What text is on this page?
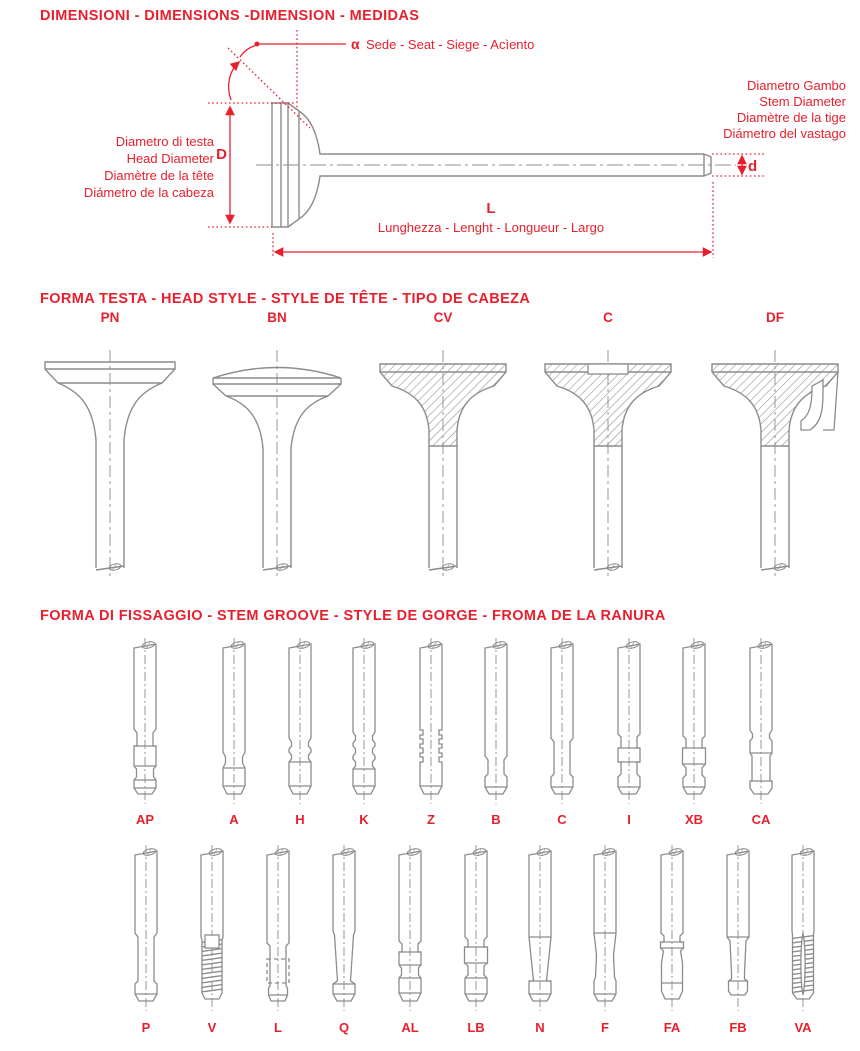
DIMENSIONI - DIMENSIONS -DIMENSION - MEDIDAS
FORMA TESTA - HEAD STYLE - STYLE DE TÊTE - TIPO DE CABEZA
FORMA DI FISSAGGIO - STEM GROOVE - STYLE DE GORGE - FROMA DE LA RANURA
α Sede - Seat - Siege - Acìento
Diametro Gambo
Stem Diameter
Diamètre de la tige
Diámetro del vastago
Diametro di testa
Head Diameter
Diamètre de la tête
Diámetro de la cabeza
D
d
L
Lunghezza - Lenght - Longueur - Largo
PN	BN	CV	C	DF
AP	A	H	K	Z	B	C	I	XB	CA
P	V	L	Q	AL	LB	N	F	FA	FB	VA
